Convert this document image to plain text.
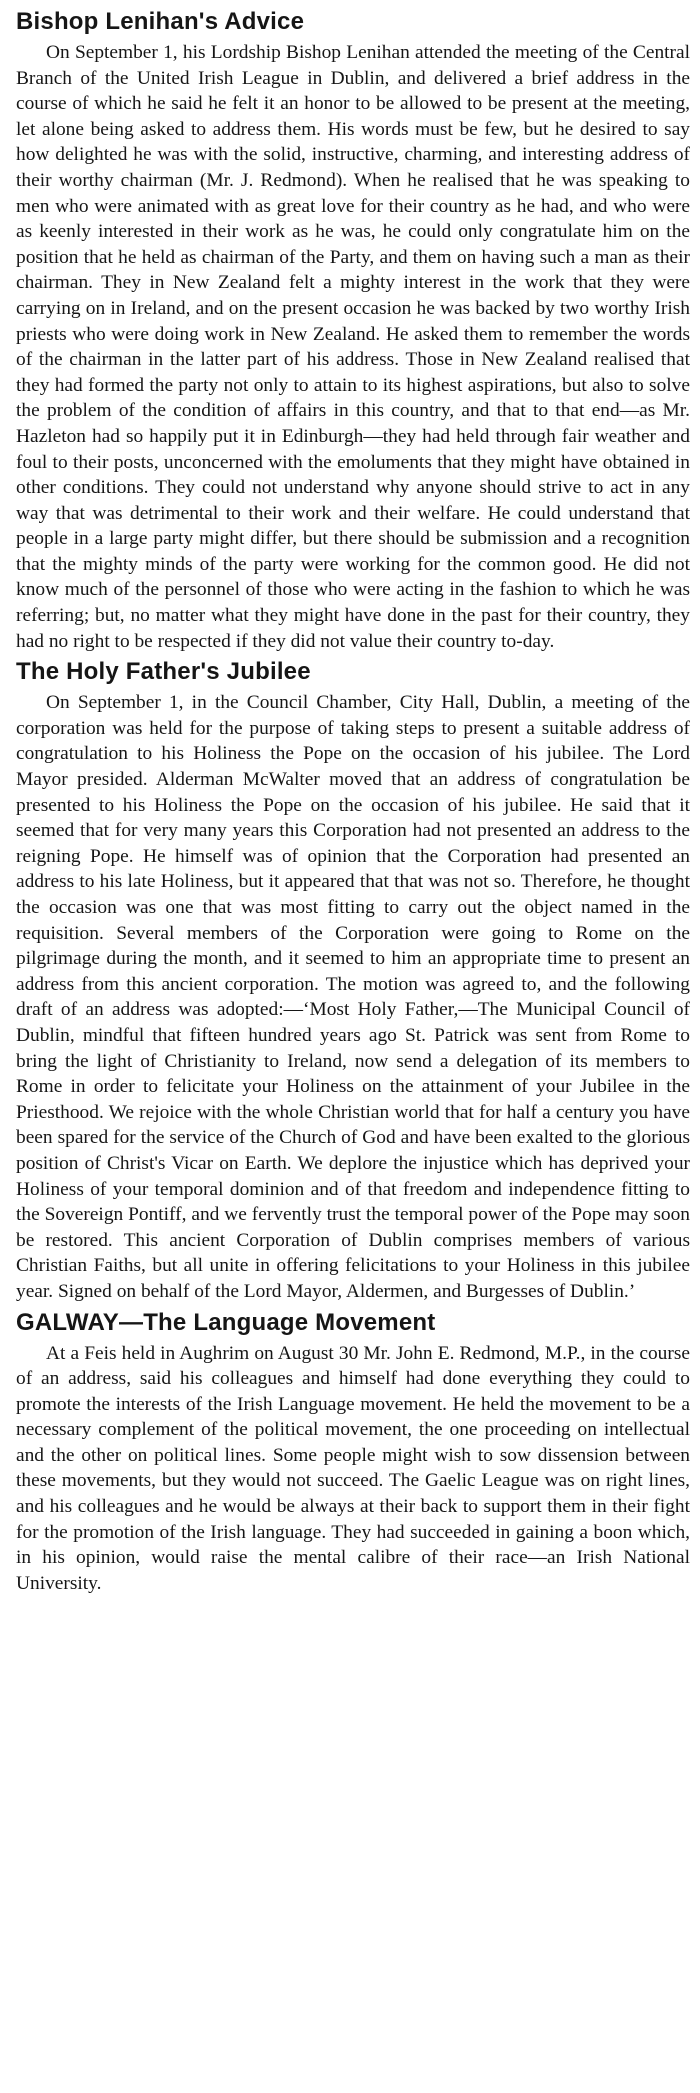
Bishop Lenihan's Advice

On September 1, his Lordship Bishop Lenihan attended the meeting of the Central Branch of the United Irish League in Dublin, and delivered a brief address in the course of which he said he felt it an honor to be allowed to be present at the meeting, let alone being asked to address them. His words must be few, but he desired to say how delighted he was with the solid, instructive, charming, and interesting address of their worthy chairman (Mr. J. Redmond). When he realised that he was speaking to men who were animated with as great love for their country as he had, and who were as keenly interested in their work as he was, he could only congratulate him on the position that he held as chairman of the Party, and them on having such a man as their chairman. They in New Zealand felt a mighty interest in the work that they were carrying on in Ireland, and on the present occasion he was backed by two worthy Irish priests who were doing work in New Zealand. He asked them to remember the words of the chairman in the latter part of his address. Those in New Zealand realised that they had formed the party not only to attain to its highest aspirations, but also to solve the problem of the condition of affairs in this country, and that to that end—as Mr. Hazleton had so happily put it in Edinburgh—they had held through fair weather and foul to their posts, unconcerned with the emoluments that they might have obtained in other conditions. They could not understand why anyone should strive to act in any way that was detrimental to their work and their welfare. He could understand that people in a large party might differ, but there should be submission and a recognition that the mighty minds of the party were working for the common good. He did not know much of the personnel of those who were acting in the fashion to which he was referring; but, no matter what they might have done in the past for their country, they had no right to be respected if they did not value their country to-day.

The Holy Father's Jubilee

On September 1, in the Council Chamber, City Hall, Dublin, a meeting of the corporation was held for the purpose of taking steps to present a suitable address of congratulation to his Holiness the Pope on the occasion of his jubilee. The Lord Mayor presided. Alderman McWalter moved that an address of congratulation be presented to his Holiness the Pope on the occasion of his jubilee. He said that it seemed that for very many years this Corporation had not presented an address to the reigning Pope. He himself was of opinion that the Corporation had presented an address to his late Holiness, but it appeared that that was not so. Therefore, he thought the occasion was one that was most fitting to carry out the object named in the requisition. Several members of the Corporation were going to Rome on the pilgrimage during the month, and it seemed to him an appropriate time to present an address from this ancient corporation. The motion was agreed to, and the following draft of an address was adopted:—‘Most Holy Father,—The Municipal Council of Dublin, mindful that fifteen hundred years ago St. Patrick was sent from Rome to bring the light of Christianity to Ireland, now send a delegation of its members to Rome in order to felicitate your Holiness on the attainment of your Jubilee in the Priesthood. We rejoice with the whole Christian world that for half a century you have been spared for the service of the Church of God and have been exalted to the glorious position of Christ's Vicar on Earth. We deplore the injustice which has deprived your Holiness of your temporal dominion and of that freedom and independence fitting to the Sovereign Pontiff, and we fervently trust the temporal power of the Pope may soon be restored. This ancient Corporation of Dublin comprises members of various Christian Faiths, but all unite in offering felicitations to your Holiness in this jubilee year. Signed on behalf of the Lord Mayor, Aldermen, and Burgesses of Dublin.’

GALWAY—The Language Movement

At a Feis held in Aughrim on August 30 Mr. John E. Redmond, M.P., in the course of an address, said his colleagues and himself had done everything they could to promote the interests of the Irish Language movement. He held the movement to be a necessary complement of the political movement, the one proceeding on intellectual and the other on political lines. Some people might wish to sow dissension between these movements, but they would not succeed. The Gaelic League was on right lines, and his colleagues and he would be always at their back to support them in their fight for the promotion of the Irish language. They had succeeded in gaining a boon which, in his opinion, would raise the mental calibre of their race—an Irish National University.
